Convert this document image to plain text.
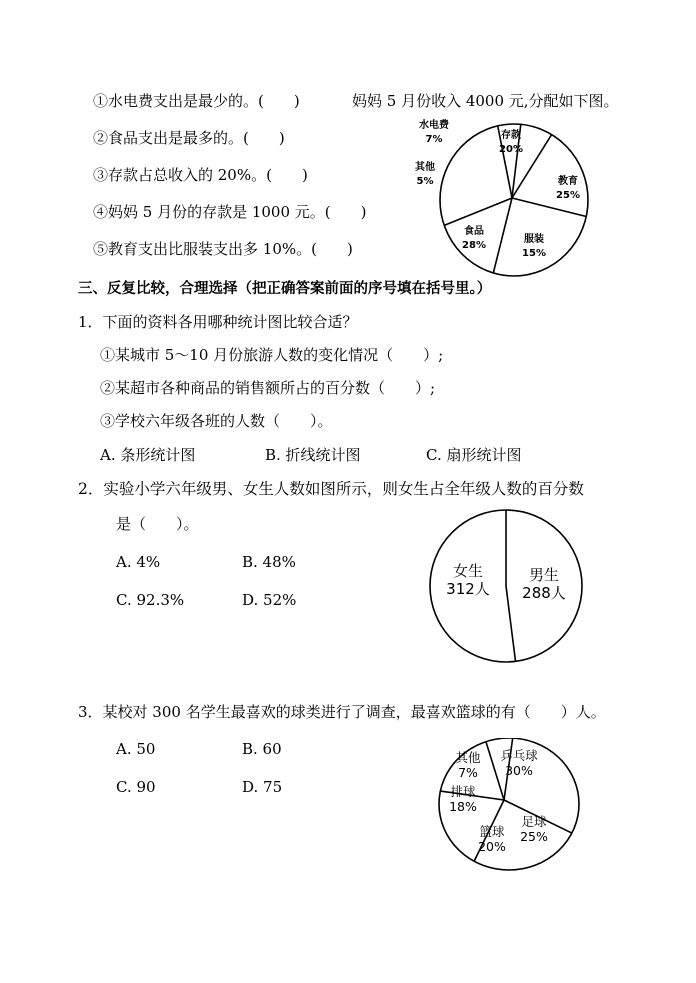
①水电费支出是最少的。(　　)
②食品支出是最多的。(　　)
③存款占总收入的 20%。(　　)
④妈妈 5 月份的存款是 1000 元。(　　)
⑤教育支出比服装支出多 10%。(　　)
妈妈 5 月份收入 4000 元,分配如下图。
存款 20%
教育 25%
服装 15%
食品 28%
其他 5%
水电费 7%
三、反复比较，合理选择（把正确答案前面的序号填在括号里。）
1．下面的资料各用哪种统计图比较合适？
①某城市 5～10 月份旅游人数的变化情况（　　）;
②某超市各种商品的销售额所占的百分数（　　）;
③学校六年级各班的人数（　　）。
A. 条形统计图	B. 折线统计图	C. 扇形统计图
2．实验小学六年级男、女生人数如图所示，则女生占全年级人数的百分数
是（　　）。
A. 4%	B. 48%
C. 92.3%	D. 52%
男生 288人
女生 312人
3．某校对 300 名学生最喜欢的球类进行了调查，最喜欢篮球的有（　　）人。
A. 50	B. 60
C. 90	D. 75
乒乓球 30%
足球 25%
篮球 20%
排球 18%
其他 7%
